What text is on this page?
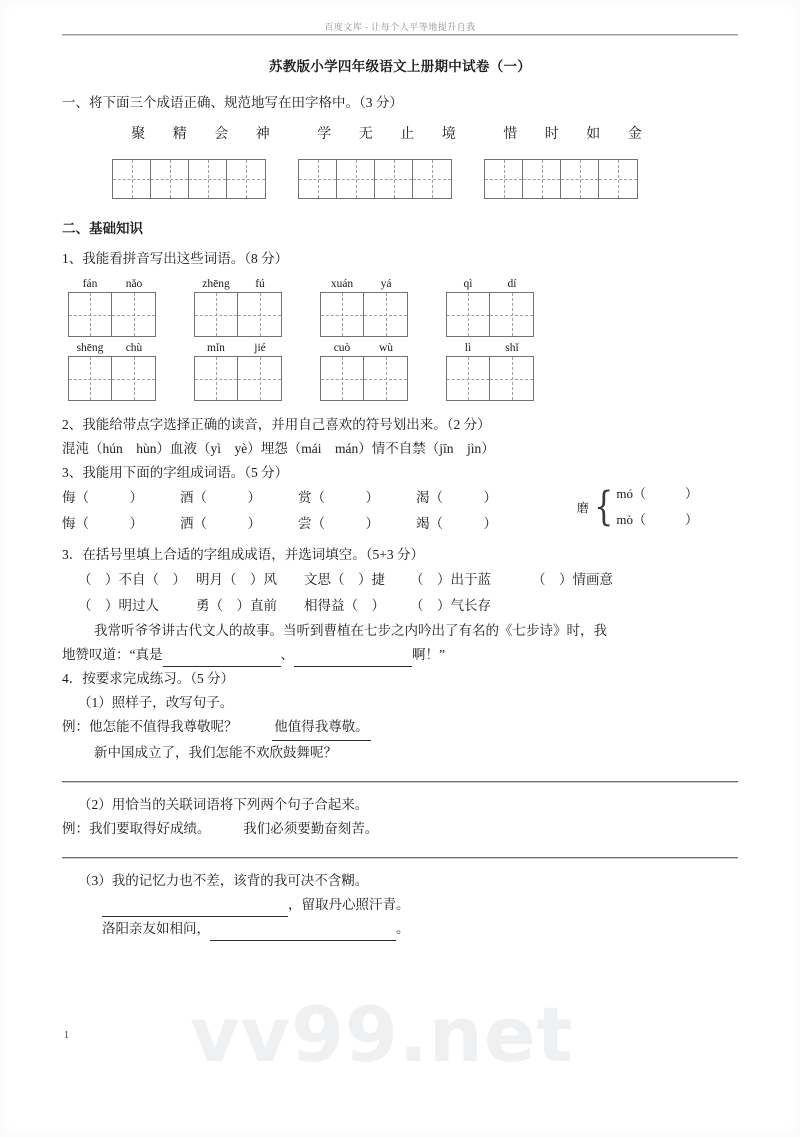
vv99.net
百度文库 - 让每个人平等地提升自我
苏教版小学四年级语文上册期中试卷（一）

一、将下面三个成语正确、规范地写在田字格中。（3 分）

聚 精 会 神	学 无 止 境	惜 时 如 金

二、基础知识

1、我能看拼音写出这些词语。（8 分）

fán	nǎo	zhēng	fú	xuán	yá	qì	dí
shēng	chù	mǐn	jié	cuò	wù	lì	shǐ

2、我能给带点字选择正确的读音，并用自己喜欢的符号划出来。（2 分）

混沌（hún　hùn）血液（yì　yè）埋怨（mái　mán）情不自禁（jīn　jìn）

3、我能用下面的字组成词语。（5 分）

侮（　　　）	酒（　　　）	赏（　　　）	渴（　　　）
悔（　　　）	洒（　　　）	尝（　　　）	竭（　　　）
磨 { mó（　　　）
mò（　　　）

3．在括号里填上合适的字组成成语，并选词填空。（5+3 分）

（　）不自（　） 明月（　）风	文思（　）捷	（　）出于蓝	（　）情画意
（　）明过人	勇（　）直前	相得益（　）	（　）气长存

我常听爷爷讲古代文人的故事。当听到曹植在七步之内吟出了有名的《七步诗》时，我

地赞叹道：“真是	、	啊！”

4．按要求完成练习。（5 分）

（1）照样子，改写句子。

例：他怎能不值得我尊敬呢？	他值得我尊敬。

新中国成立了，我们怎能不欢欣鼓舞呢？

（2）用恰当的关联词语将下列两个句子合起来。

例：我们要取得好成绩。 我们必须要勤奋刻苦。

（3）我的记忆力也不差，该背的我可决不含糊。

，留取丹心照汗青。

洛阳亲友如相问，	。

1
